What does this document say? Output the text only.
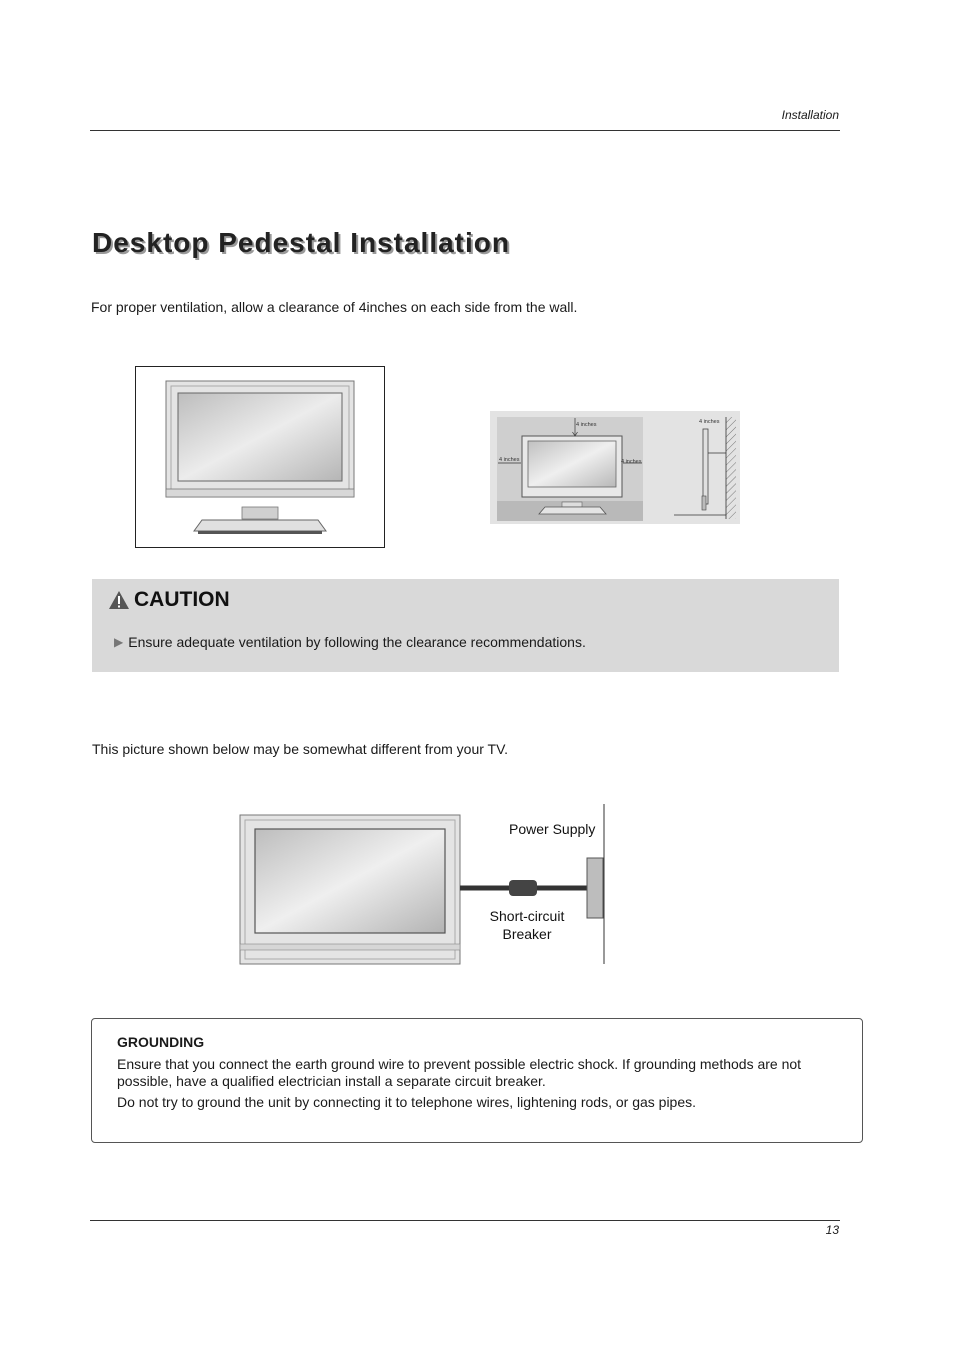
Installation
Desktop Pedestal Installation
For proper ventilation, allow a clearance of 4inches on each side from the wall.
4 inches
4 inches	4 inches
4 inches
CAUTION
▶ Ensure adequate ventilation by following the clearance recommendations.
This picture shown below may be somewhat different from your TV.
Power Supply
Short-circuit
Breaker
GROUNDING
Ensure that you connect the earth ground wire to prevent possible electric shock. If grounding methods are not possible, have a qualified electrician install a separate circuit breaker.
Do not try to ground the unit by connecting it to telephone wires, lightening rods, or gas pipes.
13
